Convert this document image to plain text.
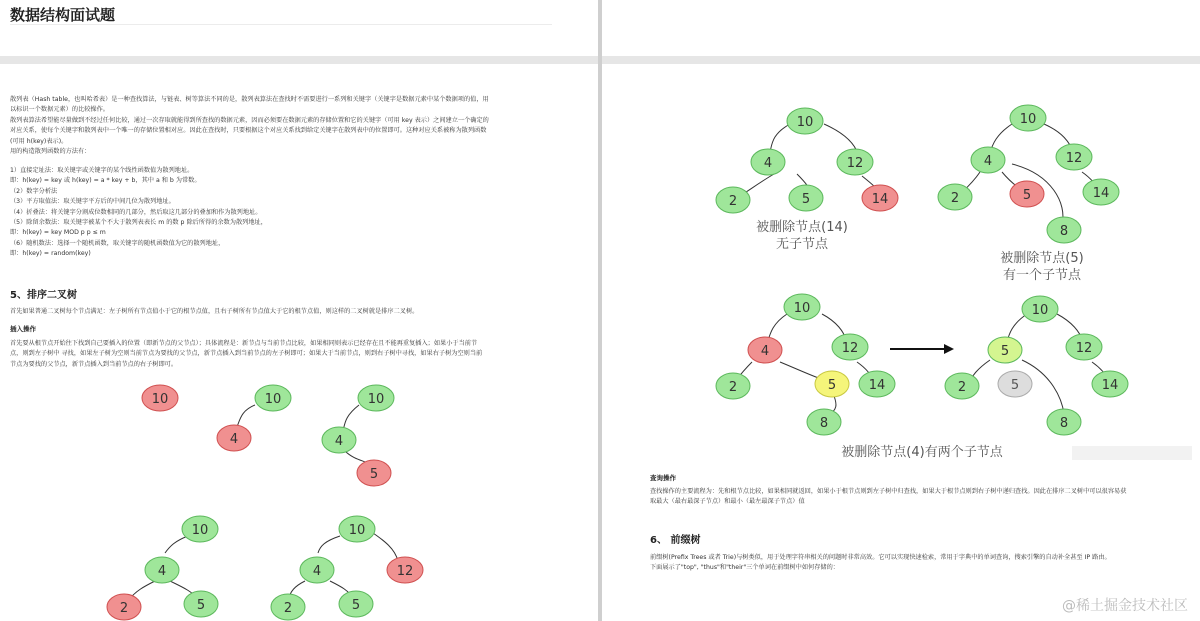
数据结构面试题
散列表（Hash table，也叫哈希表）是一种查找算法，与链表、树等算法不同的是，散列表算法在查找时不需要进行一系列和关键字（关键字是数据元素中某个数据项的值，用
以标识一个数据元素）的比较操作。
散列表算法希望能尽量做到不经过任何比较，通过一次存取就能得到所查找的数据元素，因而必须要在数据元素的存储位置和它的关键字（可用 key 表示）之间建立一个确定的
对应关系，使每个关键字和散列表中一个唯一的存储位置相对应。因此在查找时，只要根据这个对应关系找到给定关键字在散列表中的位置即可。这种对应关系被称为散列函数
(可用 h(key)表示)。
用的构造散列函数的方法有：
1）直接定址法：取关键字或关键字的某个线性函数值为散列地址。
即：h(key) = key 或 h(key) = a * key + b，其中 a 和 b 为常数。
（2）数字分析法
（3）平方取值法：取关键字平方后的中间几位为散列地址。
（4）折叠法：将关键字分割成位数相同的几部分，然后取这几部分的叠加和作为散列地址。
（5）除留余数法：取关键字被某个不大于散列表表长 m 的数 p 除后所得的余数为散列地址，
即：h(key) = key MOD p p ≤ m
（6）随机数法：选择一个随机函数，取关键字的随机函数值为它的散列地址，
即：h(key) = random(key)
5、排序二叉树
首先如果普通二叉树每个节点满足：左子树所有节点值小于它的根节点值，且右子树所有节点值大于它的根节点值，则这样的二叉树就是排序二叉树。
插入操作
首先要从根节点开始往下找到自己要插入的位置（即新节点的父节点）；具体流程是：新节点与当前节点比较，如果相同则表示已经存在且不能再重复插入；如果小于当前节
点，则到左子树中 寻找，如果左子树为空则当前节点为要找的父节点，新节点插入到当前节点的左子树即可；如果大于当前节点，则到右子树中寻找，如果右子树为空则当前
节点为要找的父节点，新节点插入到当前节点的右子树即可。
10	10
4
10
4
5
10
4
2	5
10
4	12
2	5
10
4	12
2	5	14
被删除节点(14)
无子节点
10
4	12
2	5	14
8
被删除节点(5)
有一个子节点
10
4	12
2	5	14
8
10
5	12
2	5	14
8
被删除节点(4)有两个子节点
查询操作
查找操作的主要流程为：先和根节点比较，如果相同就返回，如果小于根节点则到左子树中归查找，如果大于根节点则到右子树中递归查找。因此在排序二叉树中可以很容易获
取最大（最右最深子节点）和最小（最左最深子节点）值
6、 前缀树
前缀树(Prefix Trees 或者 Trie)与树类似，用于处理字符串相关的问题时非常高效。它可以实现快速检索，常用于字典中的单词查询，搜索引擎的自动补全甚至 IP 路由。
下面展示了"top", "thus"和"their"三个单词在前缀树中如何存储的：
@稀土掘金技术社区
